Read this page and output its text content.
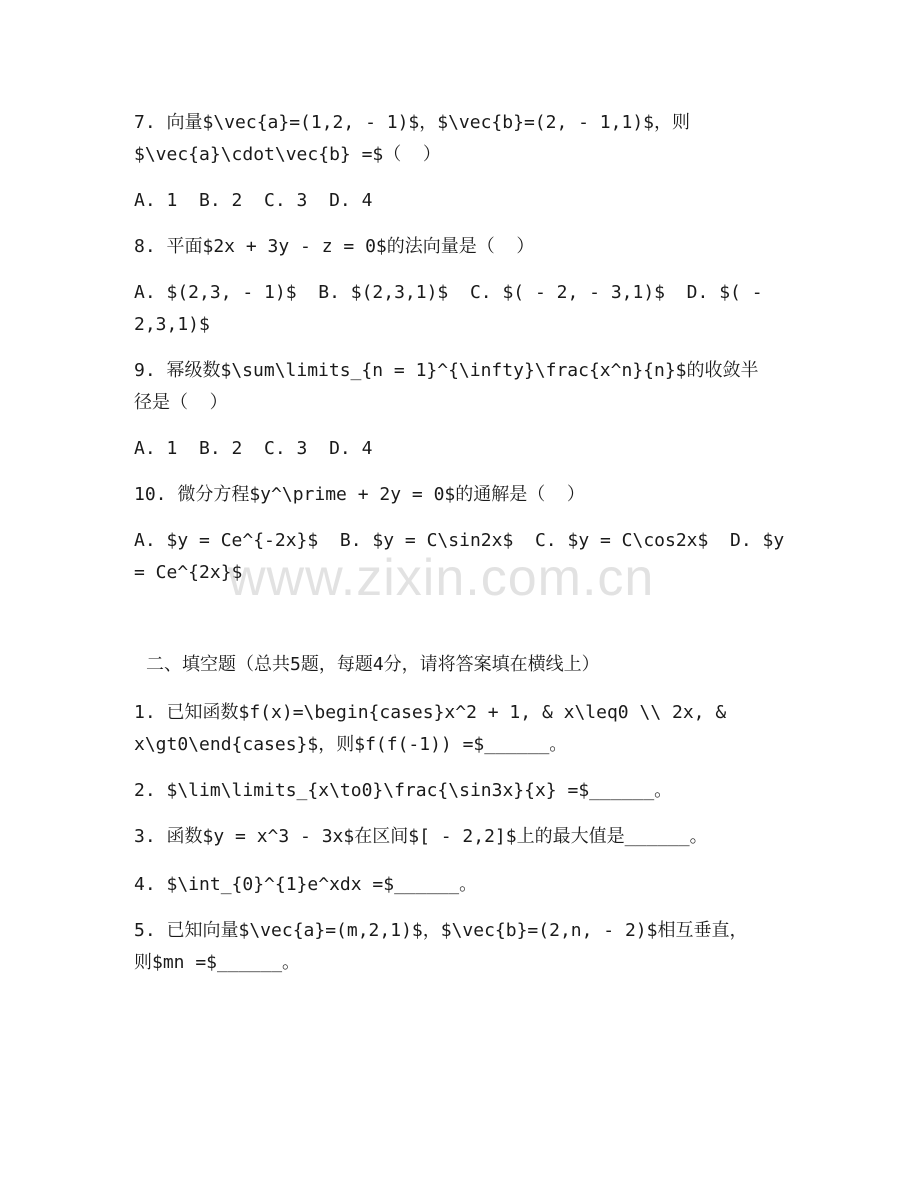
7. 向量$\vec{a}=(1,2, - 1)$，$\vec{b}=(2, - 1,1)$，则
$\vec{a}\cdot\vec{b} =$（  ）
A. 1  B. 2  C. 3  D. 4
8. 平面$2x + 3y - z = 0$的法向量是（  ）
A. $(2,3, - 1)$  B. $(2,3,1)$  C. $( - 2, - 3,1)$  D. $( -
2,3,1)$
9. 幂级数$\sum\limits_{n = 1}^{\infty}\frac{x^n}{n}$的收敛半
径是（  ）
A. 1  B. 2  C. 3  D. 4
10. 微分方程$y^\prime + 2y = 0$的通解是（  ）
A. $y = Ce^{-2x}$  B. $y = C\sin2x$  C. $y = C\cos2x$  D. $y
= Ce^{2x}$
二、填空题（总共5题，每题4分，请将答案填在横线上）
1. 已知函数$f(x)=\begin{cases}x^2 + 1, & x\leq0 \\ 2x, &
x\gt0\end{cases}$，则$f(f(-1)) =$______。
2. $\lim\limits_{x\to0}\frac{\sin3x}{x} =$______。
3. 函数$y = x^3 - 3x$在区间$[ - 2,2]$上的最大值是______。
4. $\int_{0}^{1}e^xdx =$______。
5. 已知向量$\vec{a}=(m,2,1)$，$\vec{b}=(2,n, - 2)$相互垂直，
则$mn =$______。
www.zixin.com.cn
